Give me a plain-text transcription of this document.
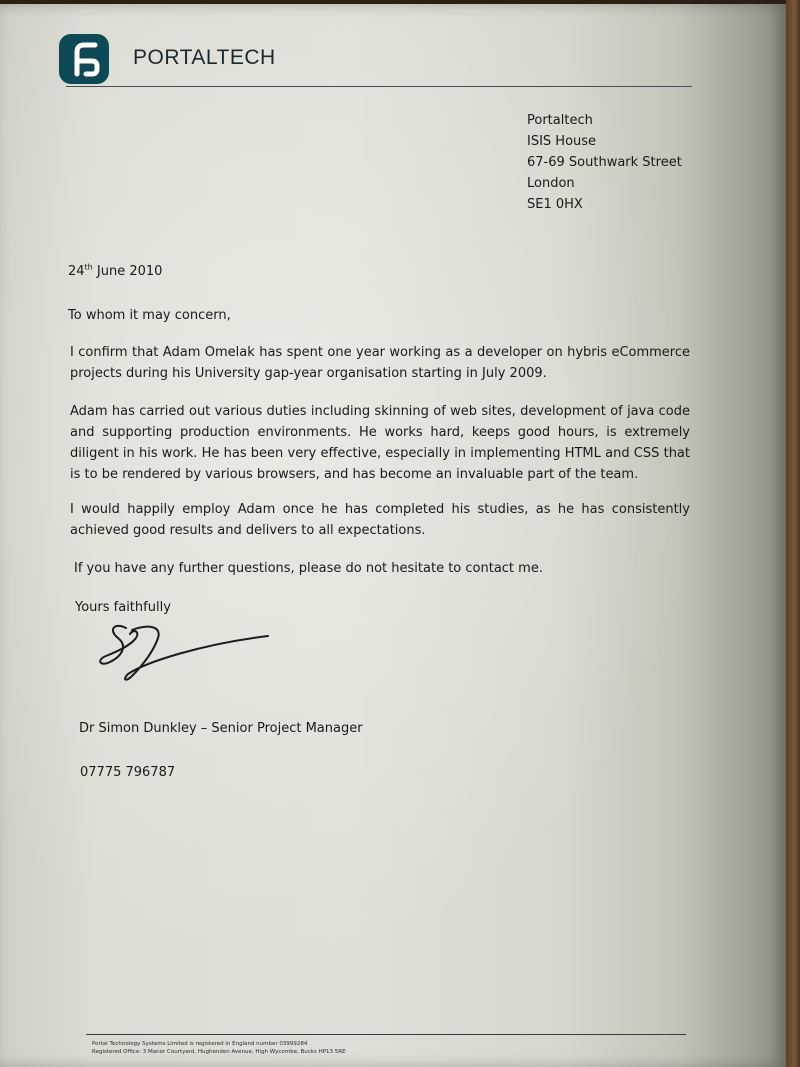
PORTALTECH
Portaltech
ISIS House
67-69 Southwark Street
London
SE1 0HX
24th June 2010
To whom it may concern,
I confirm that Adam Omelak has spent one year working as a developer on hybris eCommerce projects during his University gap-year organisation starting in July 2009.
Adam has carried out various duties including skinning of web sites, development of java code and supporting production environments. He works hard, keeps good hours, is extremely diligent in his work. He has been very effective, especially in implementing HTML and CSS that is to be rendered by various browsers, and has become an invaluable part of the team.
I would happily employ Adam once he has completed his studies, as he has consistently achieved good results and delivers to all expectations.
If you have any further questions, please do not hesitate to contact me.
Yours faithfully
Dr Simon Dunkley – Senior Project Manager
07775 796787
Portal Technology Systems Limited is registered in England number 03999284
Registered Office: 3 Manor Courtyard, Hughenden Avenue, High Wycombe, Bucks HP13 5RE
